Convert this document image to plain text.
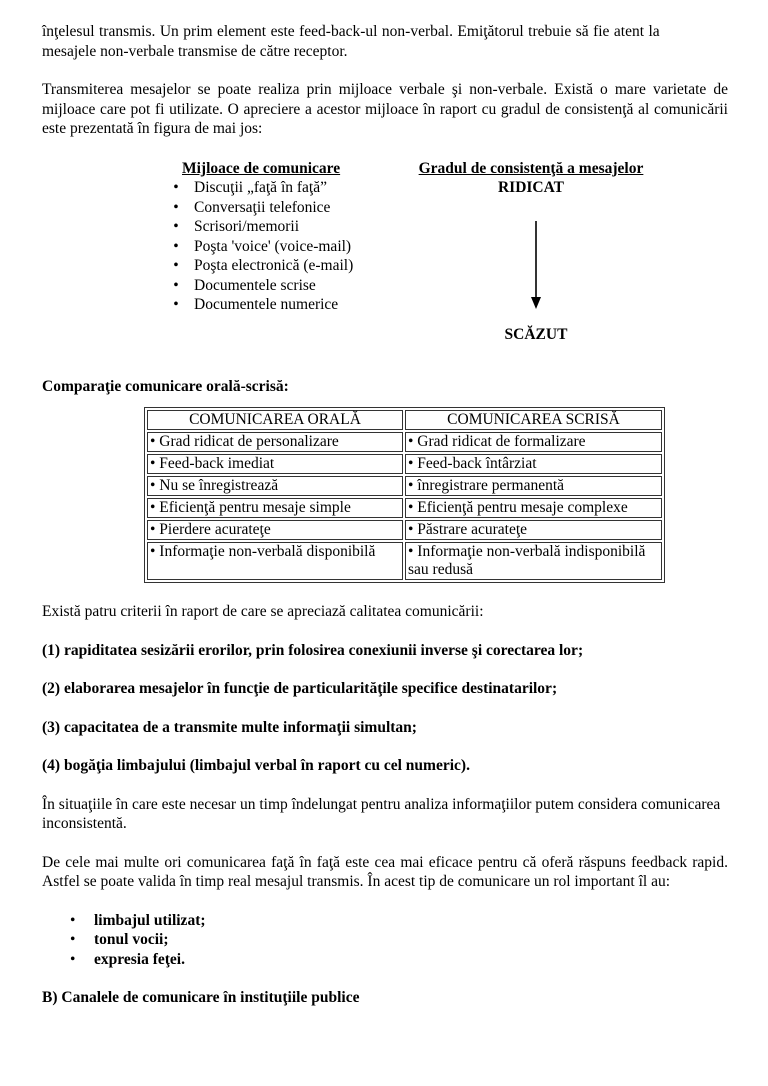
înţelesul transmis. Un prim element este feed-back-ul non-verbal. Emiţătorul trebuie să fie atent la

mesajele non-verbale transmise de către receptor.

Transmiterea mesajelor se poate realiza prin mijloace verbale şi non-verbale. Există o mare varietate de mijloace care pot fi utilizate. O apreciere a acestor mijloace în raport cu gradul de consistenţă al comunicării este prezentată în figura de mai jos:

Mijloace de comunicare
• Discuţii „faţă în faţă”
• Conversaţii telefonice
• Scrisori/memorii
• Poşta 'voice' (voice-mail)
• Poşta electronică (e-mail)
• Documentele scrise
• Documentele numerice
Gradul de consistenţă a mesajelor
RIDICAT
SCĂZUT

Comparaţie comunicare orală-scrisă:

COMUNICAREA ORALĂ	COMUNICAREA SCRISĂ
• Grad ridicat de personalizare	• Grad ridicat de formalizare
• Feed-back imediat	• Feed-back întârziat
• Nu se înregistrează	• înregistrare permanentă
• Eficienţă pentru mesaje simple	• Eficienţă pentru mesaje complexe
• Pierdere acurateţe	• Păstrare acurateţe
• Informaţie non-verbală disponibilă	• Informaţie non-verbală indisponibilă sau redusă

Există patru criterii în raport de care se apreciază calitatea comunicării:

(1) rapiditatea sesizării erorilor, prin folosirea conexiunii inverse şi corectarea lor;

(2) elaborarea mesajelor în funcţie de particularităţile specifice destinatarilor;

(3) capacitatea de a transmite multe informaţii simultan;

(4) bogăţia limbajului (limbajul verbal în raport cu cel numeric).

În situaţiile în care este necesar un timp îndelungat pentru analiza informaţiilor putem considera comunicarea inconsistentă.

De cele mai multe ori comunicarea faţă în faţă este cea mai eficace pentru că oferă răspuns feedback rapid. Astfel se poate valida în timp real mesajul transmis. În acest tip de comunicare un rol important îl au:

• limbajul utilizat;
• tonul vocii;
• expresia feţei.

B) Canalele de comunicare în instituţiile publice
